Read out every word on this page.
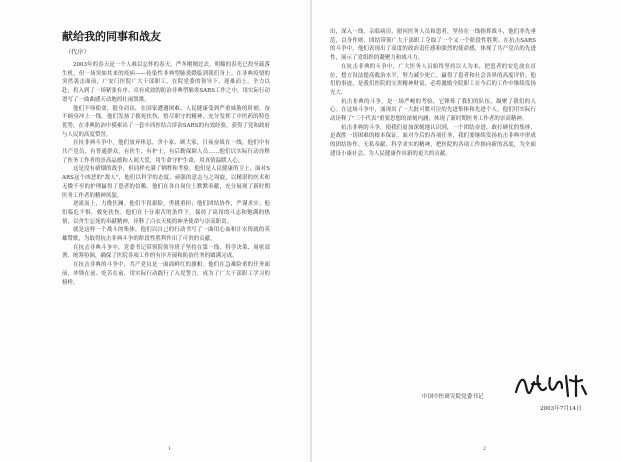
献给我的同事和战友
（代序）

2003年的春天是一个人难以忘怀的春天。严冬刚刚过去，明媚的春光已投至疏落生机，但一场突如其来的疫病——传染性非典型肺炎降临到我们身上。在非典疫情的突然袭击面前，广安门医院广大干部职工，在院党委的领导下，迎难而上，全力以赴，投入到了一场紧张有序、卓有成效的防治非典型肺炎SARS工作之中，用实际行动谱写了一曲曲感天动地的壮丽凯歌。

他们不辱使命，挺身而出，在国家遭遇困难、人民健康受到严重威胁的时刻，奋不顾身冲上一线。他们发扬了救死扶伤、恪尽职守的精神，充分发挥了中医药的特色优势，在非典防治中摸索出了一套中西医结合诊治SARS的有效经验，获得了党和政府与人民的高度赞誉。

在抗非典斗争中，他们放弃休息，舍小家、顾大家，日夜奋战在一线，他们中有共产党员，有普通群众，有医生、有护士，有后勤保障人员……他们以实际行动诠释了医务工作者的崇高品德和人间大爱，用生命守护生命，用真情温暖人心。

这是没有硝烟的战争，但同样充满了牺牲和考验。他们是人民健康的卫士，面对SARS这个凶恶的"敌人"，他们以科学的态度、顽强的意志与之周旋，以精湛的医术和无微不至的护理赢得了患者的信赖。他们在各自岗位上默默奉献，充分展现了新时期医务工作者的精神风貌。

逆流而上，力挽狂澜。他们不畏艰险，勇挑重担；他们团结协作，严谨求实；他们临危不惧，救死扶伤。他们在十分艰苦的条件下，保持了高昂的斗志和饱满的热情，以舍生忘死的奉献精神，诠释了白衣天使的神圣使命与崇高职责。

就是这样一个战斗的集体，他们以自己的行动书写了一曲用心血和汗水铸就的英雄赞歌，为取得抗击非典斗争的阶段性胜利作出了可贵的贡献。

在抗击非典斗争中，党委书记带领院领导班子坚持在第一线，科学决策、周密部署、统筹协调，确保了医院各项工作的有序开展和防治任务的圆满完成。

在抗击非典的斗争中，共产党员是一面面鲜红的旗帜。他们在急难险重的任务面前，冲锋在前、吃苦在前，用实际行动践行了入党誓言，成为了广大干部职工学习的榜样。

1

出，深入一线，亲临病房，慰问医务人员和患者，坚持在一线指挥战斗，他们率先垂范，以身作则，团结带领广大干部职工夺取了一个又一个阶段性胜利。在抗击SARS的斗争中，他们表现出了高度的政治责任感和强烈的使命感，体现了共产党员的先进性，展示了党组织的凝聚力和战斗力。

在抗击非典的斗争中，广大医务人员始终坚持以人为本，把患者的安危放在首位，想方设法提高救治水平，努力减少死亡，赢得了患者和社会各界的高度评价。他们的事迹，是我们医院的宝贵精神财富，必将激励全院职工在今后的工作中继续发扬光大。

抗击非典的斗争，是一场严峻的考验，它锤炼了我们的队伍，凝聚了我们的人心。在这场斗争中，涌现出了一大批可歌可泣的先进集体和先进个人，他们用实际行动诠释了"三个代表"重要思想的深刻内涵，体现了新时期医务工作者的崇高精神。

抗击非典的斗争，使我们更加深刻地认识到，一个团结奋进、敢打硬仗的集体，是战胜一切困难的根本保证。面对今后的各项任务，我们要继续发扬抗击非典中形成的团结协作、无私奉献、科学求实的精神，把医院的各项工作推向新的高度，为全面建设小康社会、为人民健康作出新的更大的贡献。

中国中医研究院党委书记
2003年7月14日
2
